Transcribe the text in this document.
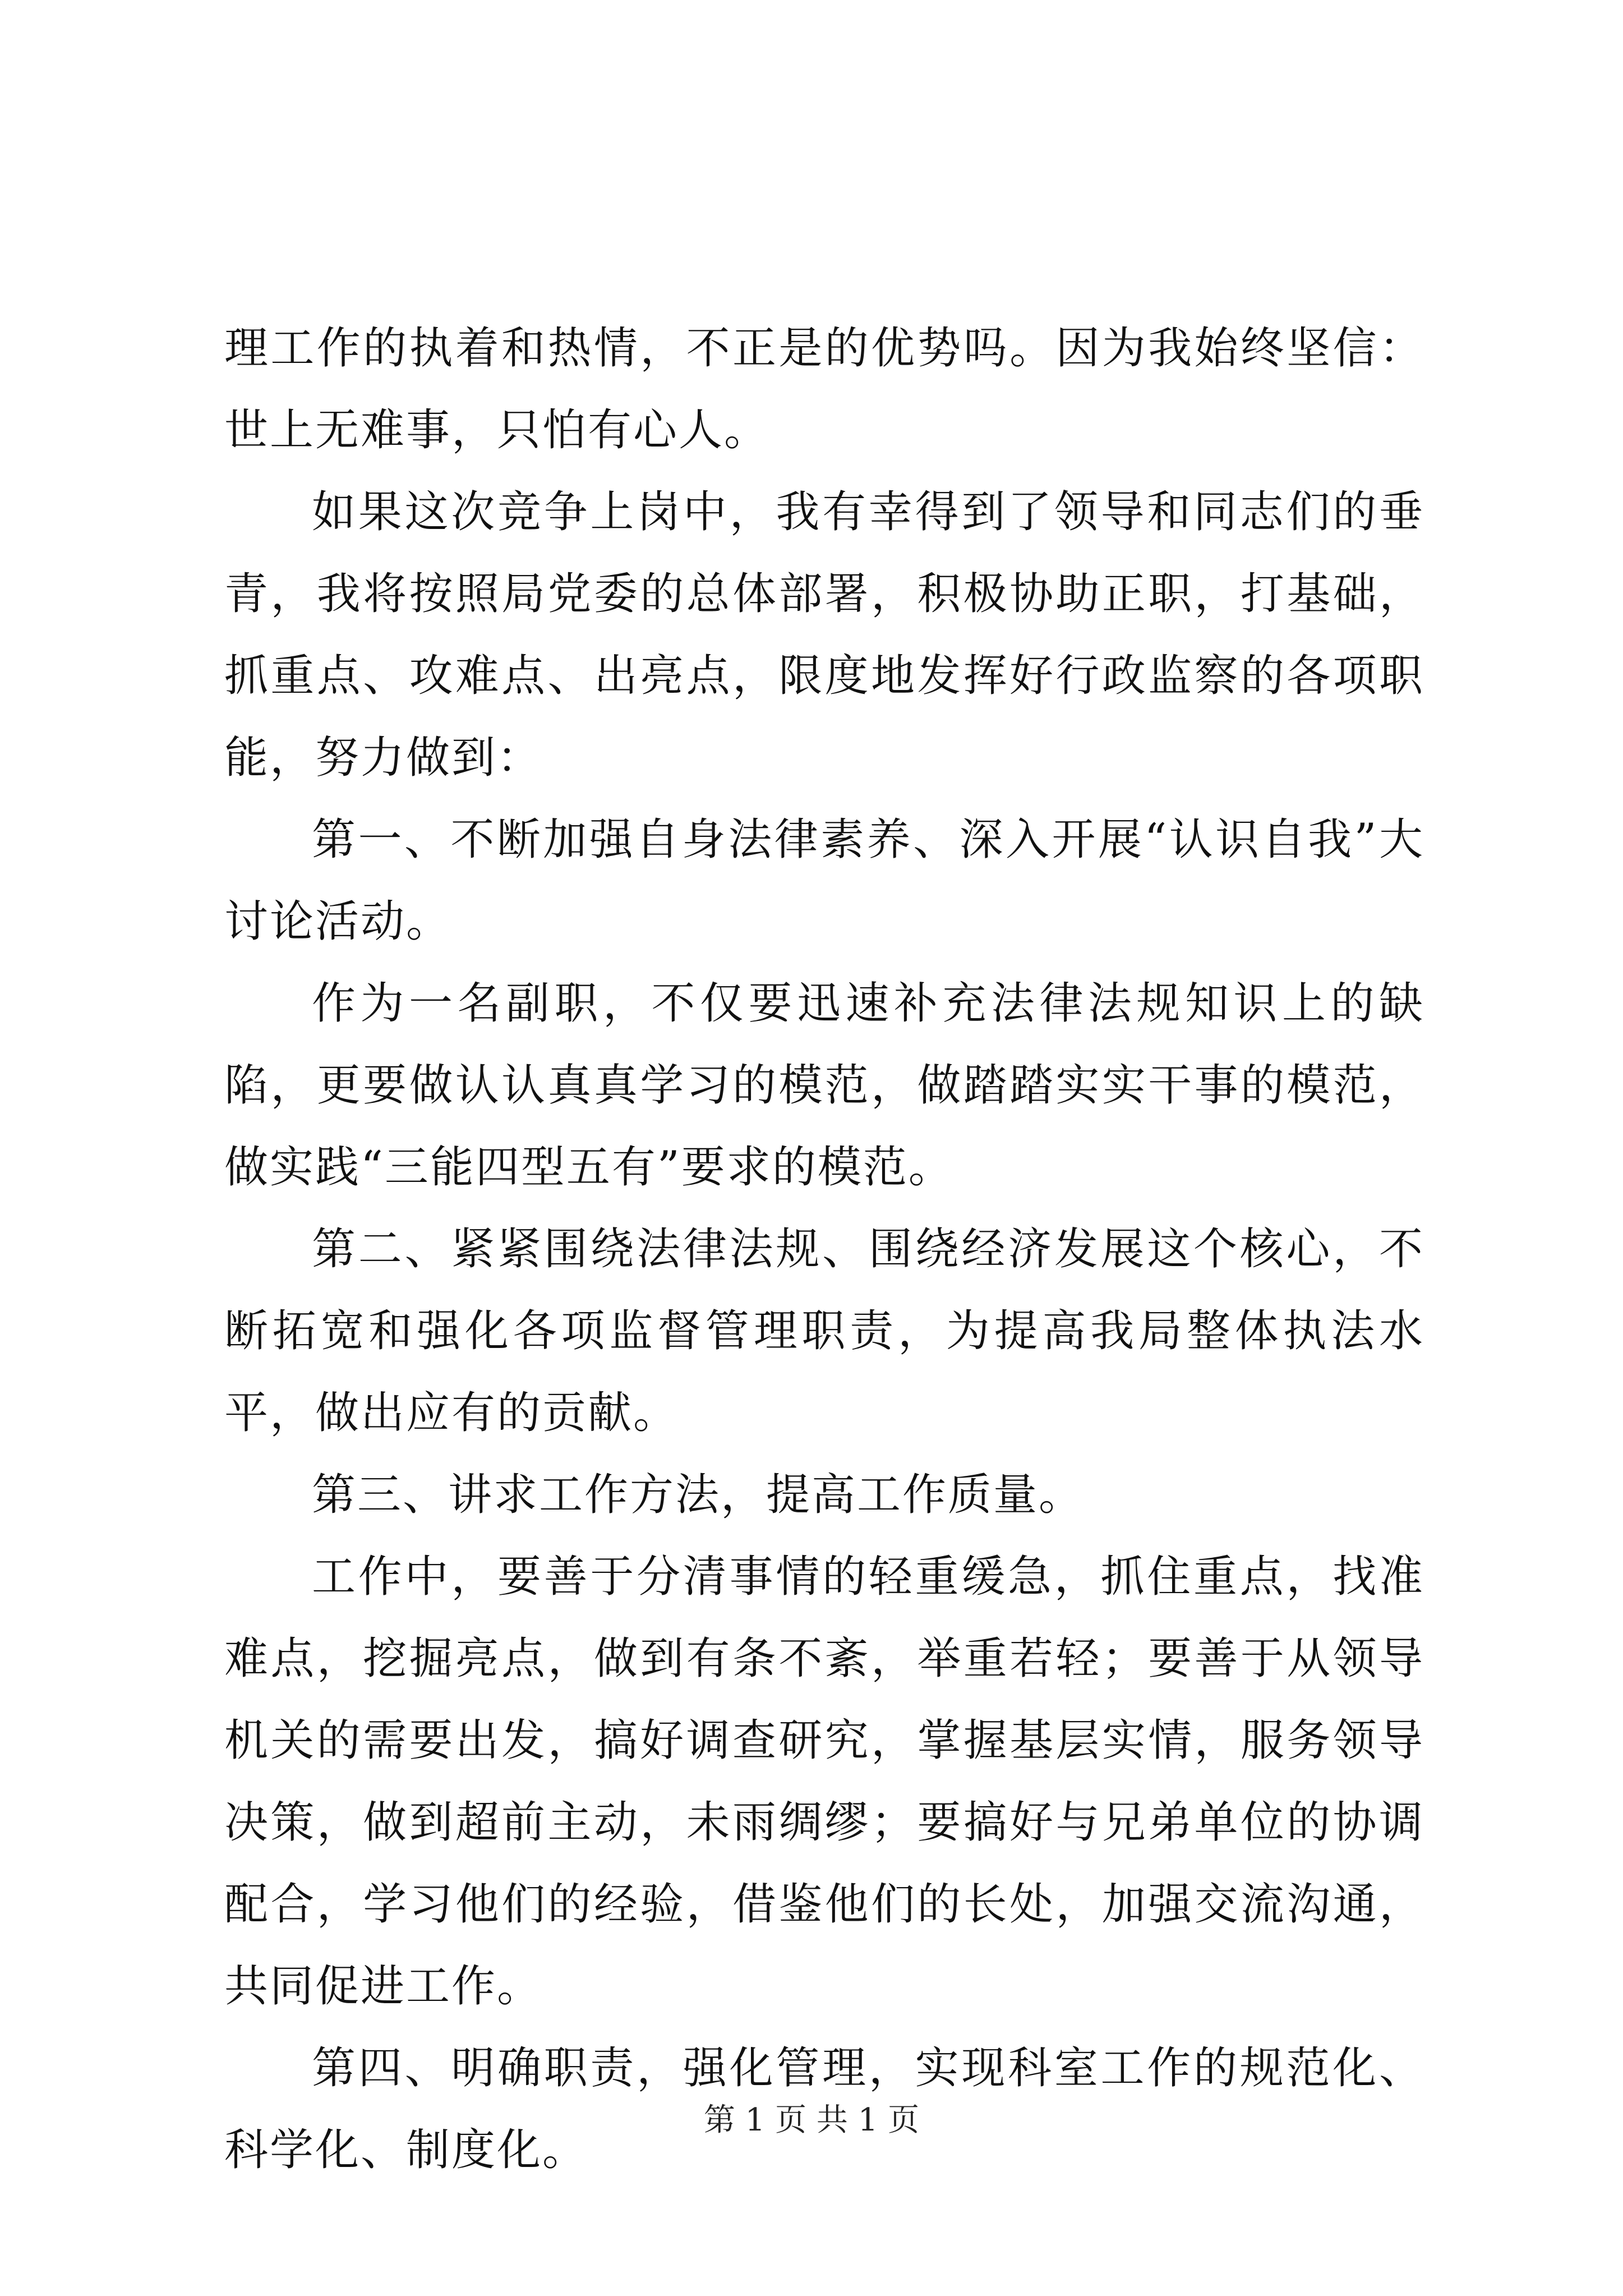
理工作的执着和热情，不正是的优势吗。因为我始终坚信：世上无难事，只怕有心人。

如果这次竞争上岗中，我有幸得到了领导和同志们的垂青，我将按照局党委的总体部署，积极协助正职，打基础，抓重点、攻难点、出亮点，限度地发挥好行政监察的各项职能，努力做到：

第一、不断加强自身法律素养、深入开展“认识自我”大讨论活动。

作为一名副职，不仅要迅速补充法律法规知识上的缺陷，更要做认认真真学习的模范，做踏踏实实干事的模范，做实践“三能四型五有”要求的模范。

第二、紧紧围绕法律法规、围绕经济发展这个核心，不断拓宽和强化各项监督管理职责，为提高我局整体执法水平，做出应有的贡献。

第三、讲求工作方法，提高工作质量。

工作中，要善于分清事情的轻重缓急，抓住重点，找准难点，挖掘亮点，做到有条不紊，举重若轻；要善于从领导机关的需要出发，搞好调查研究，掌握基层实情，服务领导决策，做到超前主动，未雨绸缪；要搞好与兄弟单位的协调配合，学习他们的经验，借鉴他们的长处，加强交流沟通，共同促进工作。

第四、明确职责，强化管理，实现科室工作的规范化、科学化、制度化。

第 1 页 共 1 页
